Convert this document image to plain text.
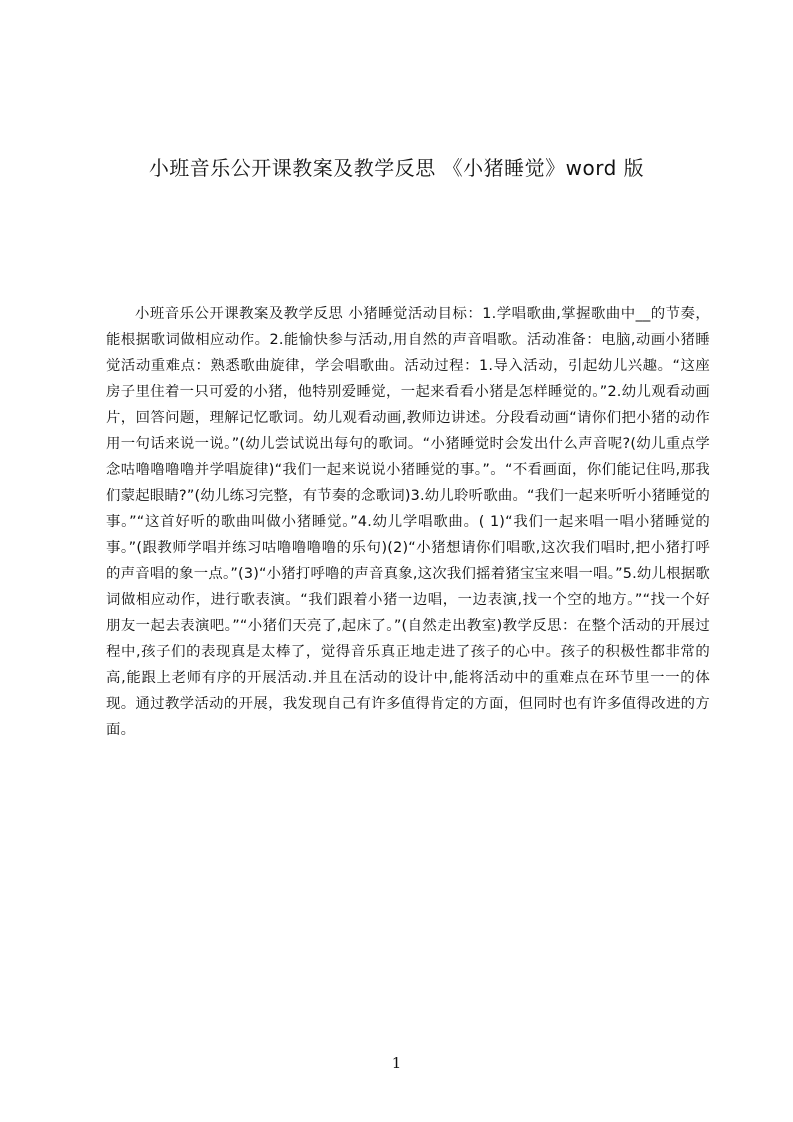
小班音乐公开课教案及教学反思 《小猪睡觉》word 版

小班音乐公开课教案及教学反思 小猪睡觉活动目标：1.学唱歌曲,掌握歌曲中__的节奏，能根据歌词做相应动作。2.能愉快参与活动,用自然的声音唱歌。活动准备：电脑,动画小猪睡觉活动重难点：熟悉歌曲旋律，学会唱歌曲。活动过程：1.导入活动，引起幼儿兴趣。“这座房子里住着一只可爱的小猪，他特别爱睡觉，一起来看看小猪是怎样睡觉的。”2.幼儿观看动画片，回答问题，理解记忆歌词。幼儿观看动画,教师边讲述。分段看动画“请你们把小猪的动作用一句话来说一说。”(幼儿尝试说出每句的歌词。“小猪睡觉时会发出什么声音呢?(幼儿重点学念咕噜噜噜噜并学唱旋律)“我们一起来说说小猪睡觉的事。”。“不看画面，你们能记住吗,那我们蒙起眼睛?”(幼儿练习完整，有节奏的念歌词)3.幼儿聆听歌曲。“我们一起来听听小猪睡觉的事。”“这首好听的歌曲叫做小猪睡觉。”4.幼儿学唱歌曲。( 1)“我们一起来唱一唱小猪睡觉的事。”(跟教师学唱并练习咕噜噜噜噜的乐句)(2)“小猪想请你们唱歌,这次我们唱时,把小猪打呼的声音唱的象一点。”(3)“小猪打呼噜的声音真象,这次我们摇着猪宝宝来唱一唱。”5.幼儿根据歌词做相应动作，进行歌表演。“我们跟着小猪一边唱，一边表演,找一个空的地方。”“找一个好朋友一起去表演吧。”“小猪们天亮了,起床了。”(自然走出教室)教学反思：在整个活动的开展过程中,孩子们的表现真是太棒了，觉得音乐真正地走进了孩子的心中。孩子的积极性都非常的高,能跟上老师有序的开展活动.并且在活动的设计中,能将活动中的重难点在环节里一一的体现。通过教学活动的开展，我发现自己有许多值得肯定的方面，但同时也有许多值得改进的方面。

1
